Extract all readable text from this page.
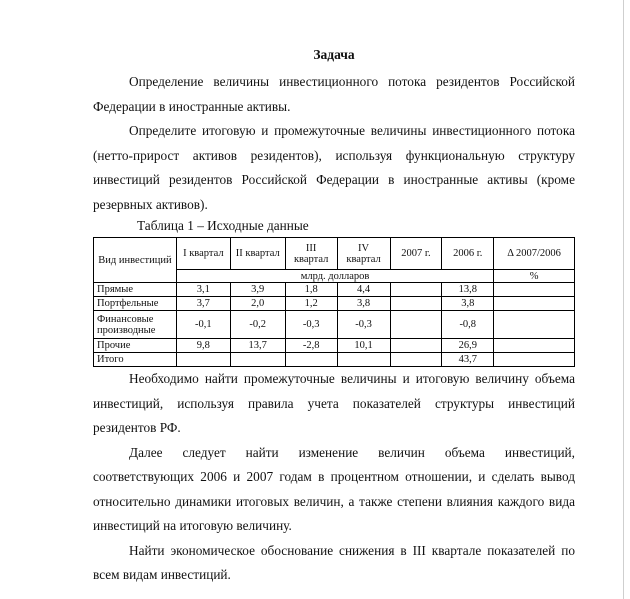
Задача

Определение величины инвестиционного потока резидентов Российской Федерации в иностранные активы.

Определите итоговую и промежуточные величины инвестиционного потока (нетто-прирост активов резидентов), используя функциональную структуру инвестиций резидентов Российской Федерации в иностранные активы (кроме резервных активов).

Таблица 1 – Исходные данные
Вид инвестиций	I квартал	II квартал	III квартал	IV квартал	2007 г.	2006 г.	Δ 2007/2006
	млрд. долларов						%
Прямые	3,1	3,9	1,8	4,4		13,8	
Портфельные	3,7	2,0	1,2	3,8		3,8	
Финансовые производные	-0,1	-0,2	-0,3	-0,3		-0,8	
Прочие	9,8	13,7	-2,8	10,1		26,9	
Итого						43,7	

Необходимо найти промежуточные величины и итоговую величину объема инвестиций, используя правила учета показателей структуры инвестиций резидентов РФ.

Далее следует найти изменение величин объема инвестиций, соответствующих 2006 и 2007 годам в процентном отношении, и сделать вывод относительно динамики итоговых величин, а также степени влияния каждого вида инвестиций на итоговую величину.

Найти экономическое обоснование снижения в III квартале показателей по всем видам инвестиций.
